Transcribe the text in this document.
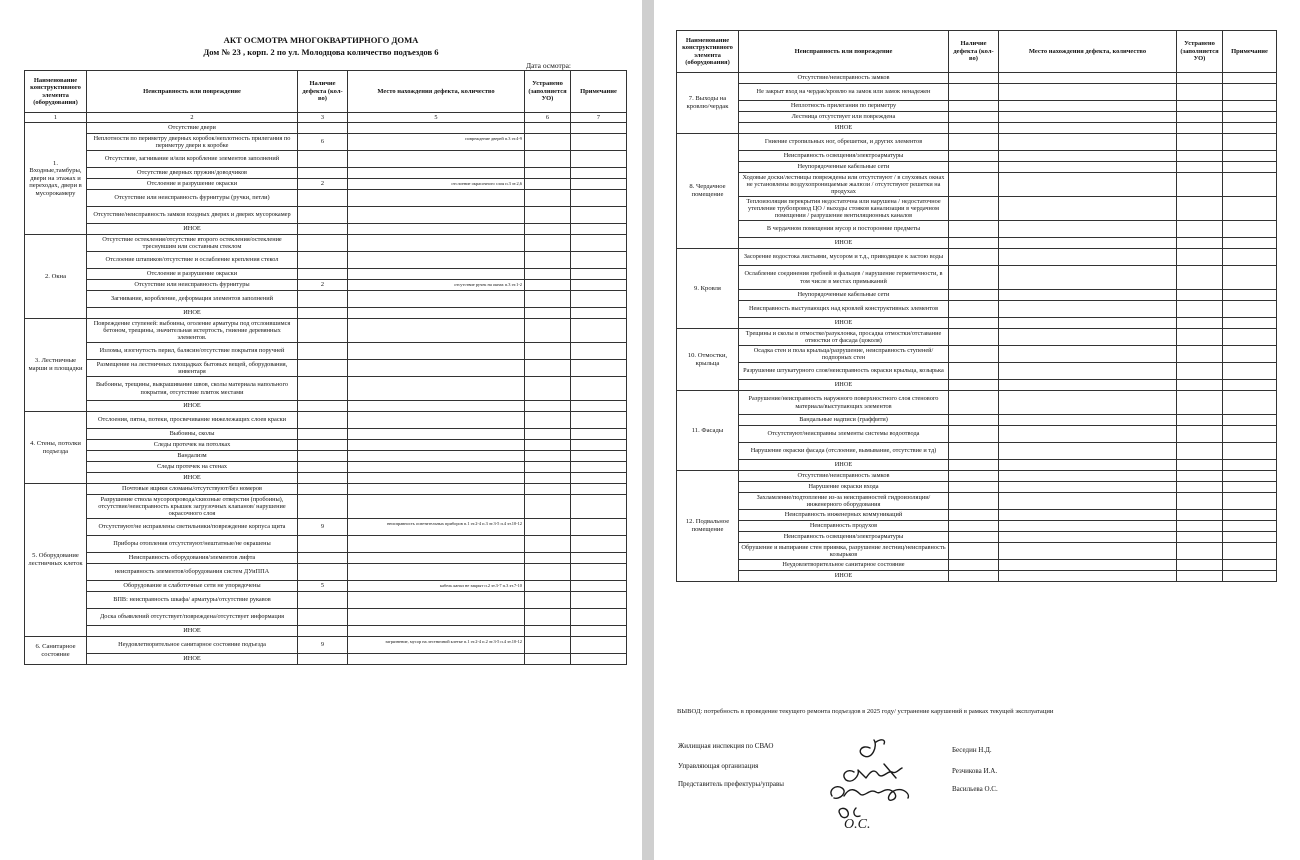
АКТ ОСМОТРА МНОГОКВАРТИРНОГО ДОМА
Дом № 23 , корп. 2 по ул. Молодцова количество подъездов 6
Дата осмотра:
Наименование конструктивного элемента (оборудования)	Неисправность или повреждение	Наличие дефекта (кол-во)	Место нахождения дефекта, количество	Устранено (заполняется УО)	Примечание
1	2	3	5	6	7
1. Входные,тамбуры, двери на этажах и переходах, двери в мусорокамеру	Отсутствие двери				
	Неплотности по периметру дверных коробок/неплотность прилегания по периметру двери к коробке	6	повреждение дверей п.3 эт.4-9		
	Отсутствие, загнивание и/или коробление элементов заполнений				
	Отсутствие дверных пружин/доводчиков				
	Отслоение и разрушение окраски	2	отслоение окрасочного слоя п.3 эт.2,6		
	Отсутствие или неисправность фурнитуры (ручки, петли)				
	Отсутствие/неисправность замков входных дверях и дверях мусорокамер				
	ИНОЕ				
2. Окна	Отсутствие остекления/отсутствие второго остекления/остекление треснувшим или составным стеклом				
	Отслоение штапиков/отсутствие и ослабление крепления стекол				
	Отслоение и разрушение окраски				
	Отсутствие или неисправность фурнитуры	2	отсутствие ручек на окнах п.3 эт.1-2		
	Загнивание, коробление, деформация элементов заполнений				
	ИНОЕ				
3. Лестничные марши и площадки	Повреждение ступеней: выбоины, оголение арматуры под отслоившимся бетоном, трещины, значительная истертость, гниение деревянных элементов.				
	Изломы, изогнутость перил, балясин/отсутствие покрытия поручней				
	Размещение на лестничных площадках бытовых вещей, оборудования, инвентаря				
	Выбоины, трещины, выкрашивание швов, сколы материала напольного покрытия, отсутствие плиток местами				
	ИНОЕ				
4. Стены, потолки подъезда	Отслоения, пятна, потеки, просвечивание нижележащих слоев краски				
	Выбоины, сколы				
	Следы протечек на потолках				
	Вандализм				
	Следы протечек на стенах				
	ИНОЕ				
5. Оборудование лестничных клеток	Почтовые ящики сломаны/отсутствуют/без номеров				
	Разрушение ствола мусоропровода/сквозные отверстия (пробоины), отсутствие/неисправность крышек загрузочных клапанов/ нарушение окрасочного слоя				
	Отсутствуют/не исправлены светильники/повреждение корпуса щита	9	неисправность осветительных приборов п.1 эт.2-4 п.3 эт.3-5 п.4 эт.10-12		
	Приборы отопления отсутствуют/нештатные/не окрашены				
	Неисправность оборудования/элементов лифта				
	неисправность элементов/оборудования систем ДУиППА				
	Оборудование и слаботочные сети не упорядочены	5	кабель канал не закрыт п.2 эт.3-7 п.3 эт.7-10		
	ВПВ: неисправность шкафа/ арматуры/отсутствие рукавов				
	Доска объявлений отсутствует/повреждена/отсутствует информация				
	ИНОЕ				
6. Санитарное состояние	Неудовлетворительное санитарное состояние подъезда	9	загрязнение, мусор на лестничной клетке п.1 эт.2-4 п.2 эт.3-5 п.4 эт.10-12		
	ИНОЕ				
Наименование конструктивного элемента (оборудования)	Неисправность или повреждение	Наличие дефекта (кол-во)	Место нахождения дефекта, количество	Устранено (заполняется УО)	Примечание
7. Выходы на кровлю/чердак	Отсутствие/неисправность замков				
	Не закрыт вход на чердак/кровлю на замок или замок ненадежен				
	Неплотность прилегания по периметру				
	Лестница отсутствует или повреждена				
	ИНОЕ				
8. Чердачное помещение	Гниение стропильных ног, обрешетки, и других элементов				
	Неисправность освещения/электроарматуры				
	Неупорядоченные кабельные сети				
	Ходовые доски/лестницы повреждены или отсутствуют / в слуховых окнах не установлены воздухопроницаемые жалюзи / отсутствуют решетки на продухах				
	Теплоизоляция перекрытия недостаточна или нарушена / недостаточное утепление трубопровод ЦО / выходы стояков канализации в чердачном помещении / разрушение вентиляционных каналов				
	В чердачном помещении мусор и посторонние предметы				
	ИНОЕ				
9. Кровля	Засорение водостока листьями, мусором и т.д., приводящее к застою воды				
	Ослабление соединения гребней и фальцев / нарушение герметичности, в том числе в местах примыканий				
	Неупорядоченные кабельные сети				
	Неисправность выступающих над кровлей конструктивных элементов				
	ИНОЕ				
10. Отмостки, крыльца	Трещины и сколы в отмостке/разуклонка, просадка отмостки/отставание отмостки от фасада (цоколя)				
	Осадка стен и пола крыльца/разрушение, неисправность ступеней/подпорных стен				
	Разрушение штукатурного слоя/неисправность окраски крыльца, козырька				
	ИНОЕ				
11. Фасады	Разрушение/неисправность наружного поверхностного слоя стенового материала/выступающих элементов				
	Вандальные надписи (граффити)				
	Отсутствуют/неисправны элементы системы водоотвода				
	Нарушение окраски фасада (отслоение, вымывание, отсутствие и тд)				
	ИНОЕ				
12. Подвальное помещение	Отсутствие/неисправность замков				
	Нарушение окраски входа				
	Захламление/подтопление из-за неисправностей гидроизоляции/инженерного оборудования				
	Неисправность инженерных коммуникаций				
	Неисправность продухов				
	Неисправность освещения/электроарматуры				
	Обрушение и выпирание стен приямка, разрушение лестниц/неисправность козырьков				
	Неудовлетворительное санитарное состояние				
	ИНОЕ				
ВЫВОД: потребность в проведение текущего ремонта подъездов в 2025 году/ устранение карушений в рамках текущей эксплуатации
Жилищная инспекция по СВАО	Беседин Н.Д.
Управляющая организация
Резчикова И.А.
Представитель префектуры/управы
Васильева О.С.
О.С.
